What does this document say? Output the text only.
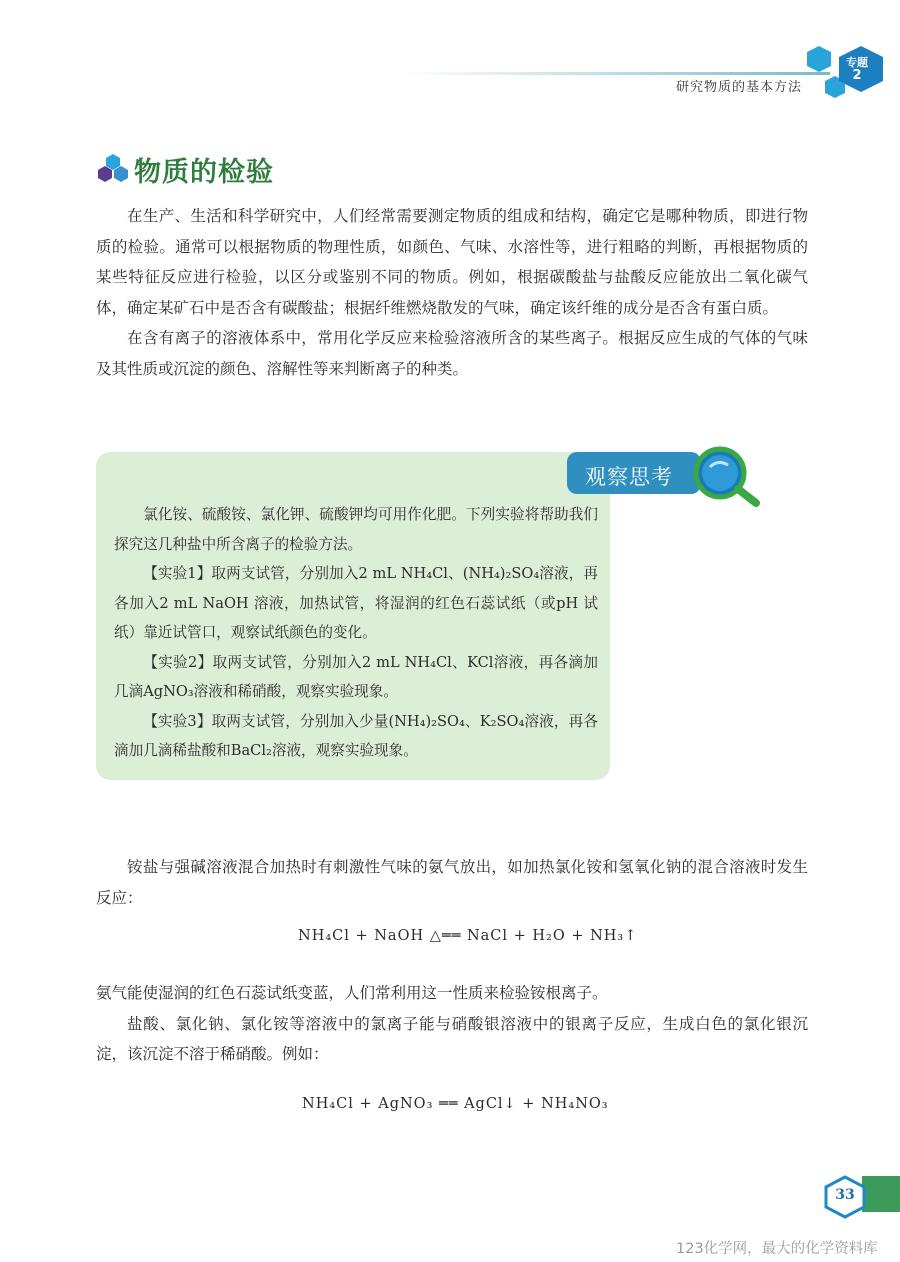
研究物质的基本方法
专题
2
物质的检验

在生产、生活和科学研究中，人们经常需要测定物质的组成和结构，确定它是哪种物质，即进行物质的检验。通常可以根据物质的物理性质，如颜色、气味、水溶性等，进行粗略的判断，再根据物质的某些特征反应进行检验，以区分或鉴别不同的物质。例如，根据碳酸盐与盐酸反应能放出二氧化碳气体，确定某矿石中是否含有碳酸盐；根据纤维燃烧散发的气味，确定该纤维的成分是否含有蛋白质。

在含有离子的溶液体系中，常用化学反应来检验溶液所含的某些离子。根据反应生成的气体的气味及其性质或沉淀的颜色、溶解性等来判断离子的种类。

观察思考

氯化铵、硫酸铵、氯化钾、硫酸钾均可用作化肥。下列实验将帮助我们探究这几种盐中所含离子的检验方法。

【实验1】取两支试管，分别加入2 mL NH₄Cl、(NH₄)₂SO₄溶液，再各加入2 mL NaOH 溶液，加热试管，将湿润的红色石蕊试纸（或pH 试纸）靠近试管口，观察试纸颜色的变化。

【实验2】取两支试管，分别加入2 mL NH₄Cl、KCl溶液，再各滴加几滴AgNO₃溶液和稀硝酸，观察实验现象。

【实验3】取两支试管，分别加入少量(NH₄)₂SO₄、K₂SO₄溶液，再各滴加几滴稀盐酸和BaCl₂溶液，观察实验现象。

铵盐与强碱溶液混合加热时有刺激性气味的氨气放出，如加热氯化铵和氢氧化钠的混合溶液时发生反应：

NH₄Cl + NaOH △══ NaCl + H₂O + NH₃↑

氨气能使湿润的红色石蕊试纸变蓝，人们常利用这一性质来检验铵根离子。

盐酸、氯化钠、氯化铵等溶液中的氯离子能与硝酸银溶液中的银离子反应，生成白色的氯化银沉淀，该沉淀不溶于稀硝酸。例如：

NH₄Cl + AgNO₃ ══ AgCl↓ + NH₄NO₃
33
123化学网，最大的化学资料库
